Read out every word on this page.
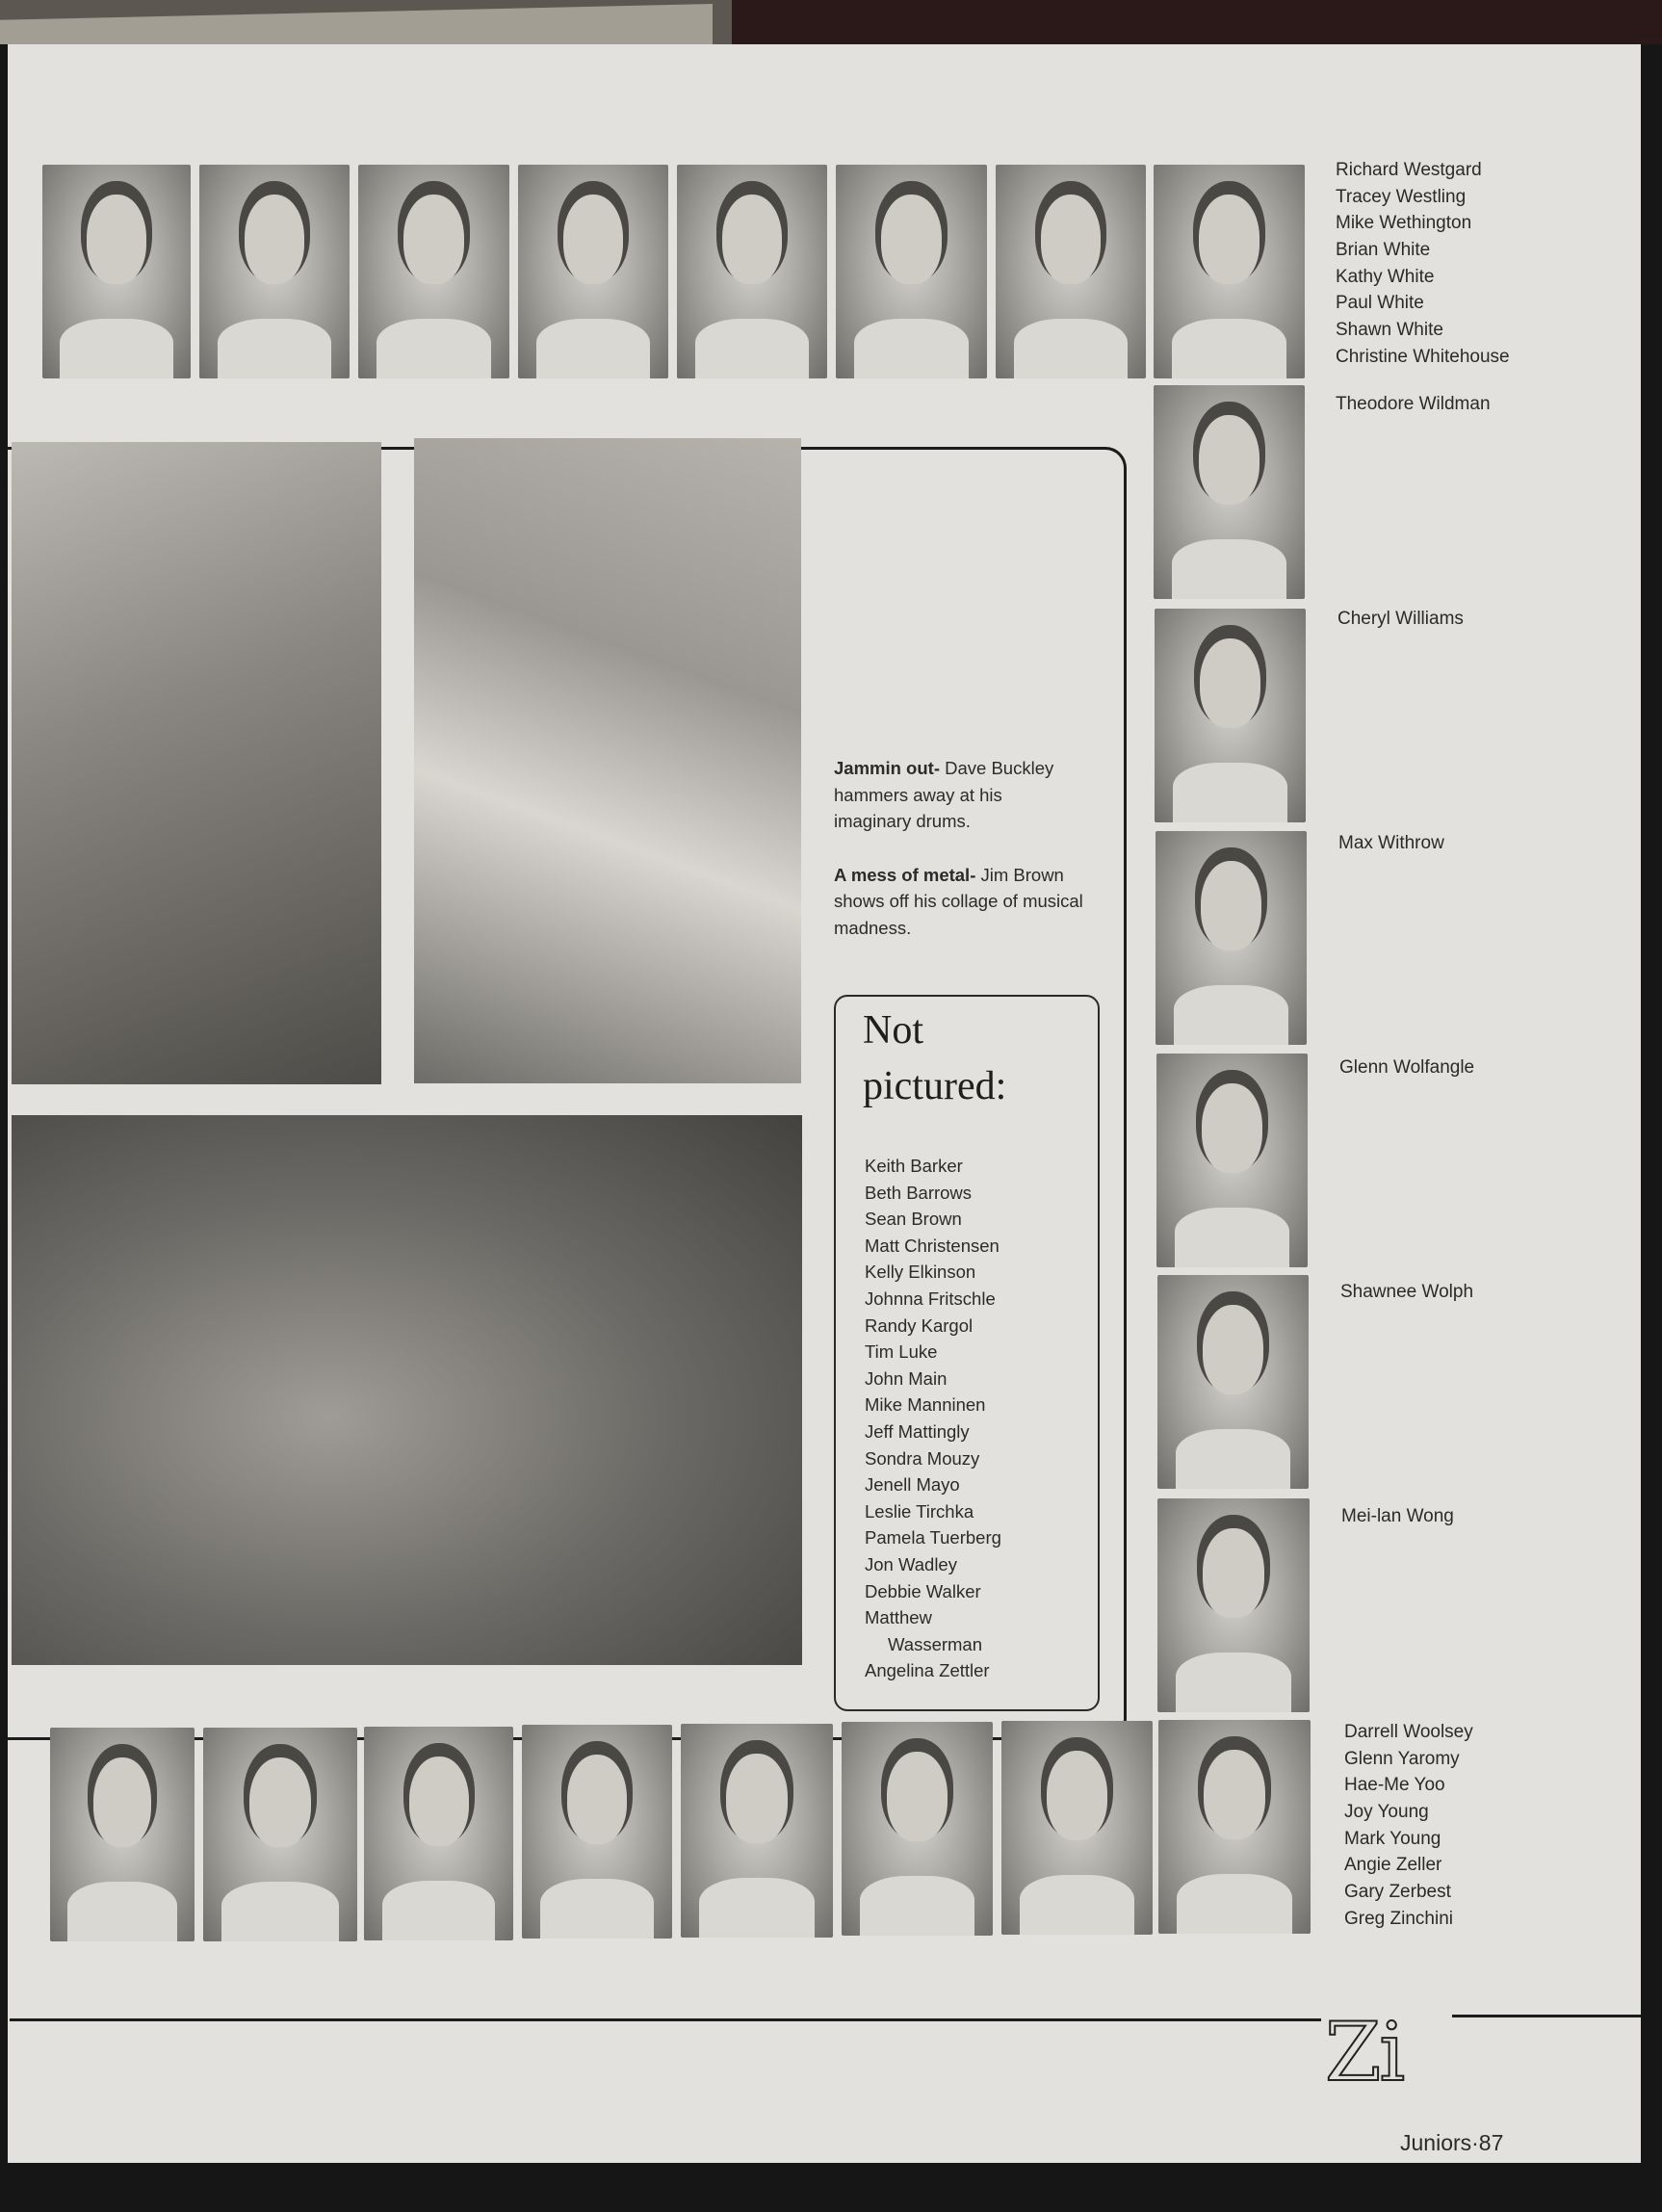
Richard Westgard
Tracey Westling
Mike Wethington
Brian White
Kathy White
Paul White
Shawn White
Christine Whitehouse
Theodore Wildman
Cheryl Williams
Max Withrow
Glenn Wolfangle
Shawnee Wolph
Mei-lan Wong

Jammin out- Dave Buckley hammers away at his imaginary drums.

A mess of metal- Jim Brown shows off his collage of musical madness.

Not
pictured:
Keith Barker
Beth Barrows
Sean Brown
Matt Christensen
Kelly Elkinson
Johnna Fritschle
Randy Kargol
Tim Luke
John Main
Mike Manninen
Jeff Mattingly
Sondra Mouzy
Jenell Mayo
Leslie Tirchka
Pamela Tuerberg
Jon Wadley
Debbie Walker
Matthew
Wasserman
Angelina Zettler
Darrell Woolsey
Glenn Yaromy
Hae-Me Yoo
Joy Young
Mark Young
Angie Zeller
Gary Zerbest
Greg Zinchini
Zi
Juniors·87
